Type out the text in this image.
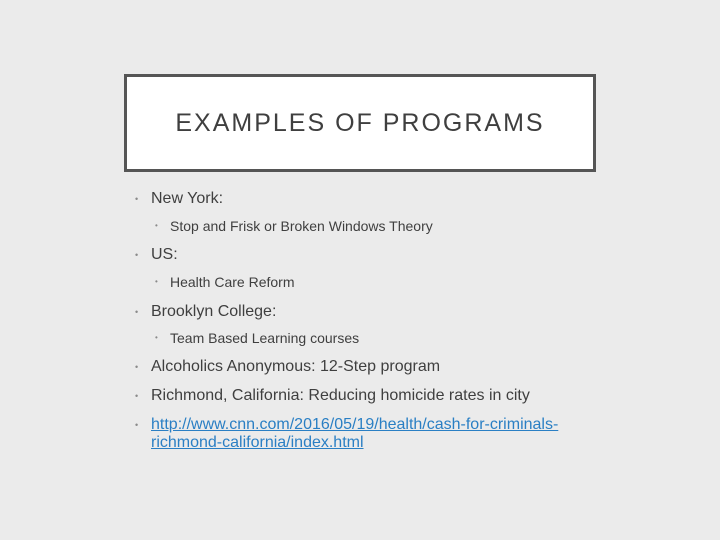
EXAMPLES OF PROGRAMS
• New York:
• Stop and Frisk or Broken Windows Theory
• US:
• Health Care Reform
• Brooklyn College:
• Team Based Learning courses
• Alcoholics Anonymous: 12-Step program
• Richmond, California: Reducing homicide rates in city
• http://www.cnn.com/2016/05/19/health/cash-for-criminals-
richmond-california/index.html
